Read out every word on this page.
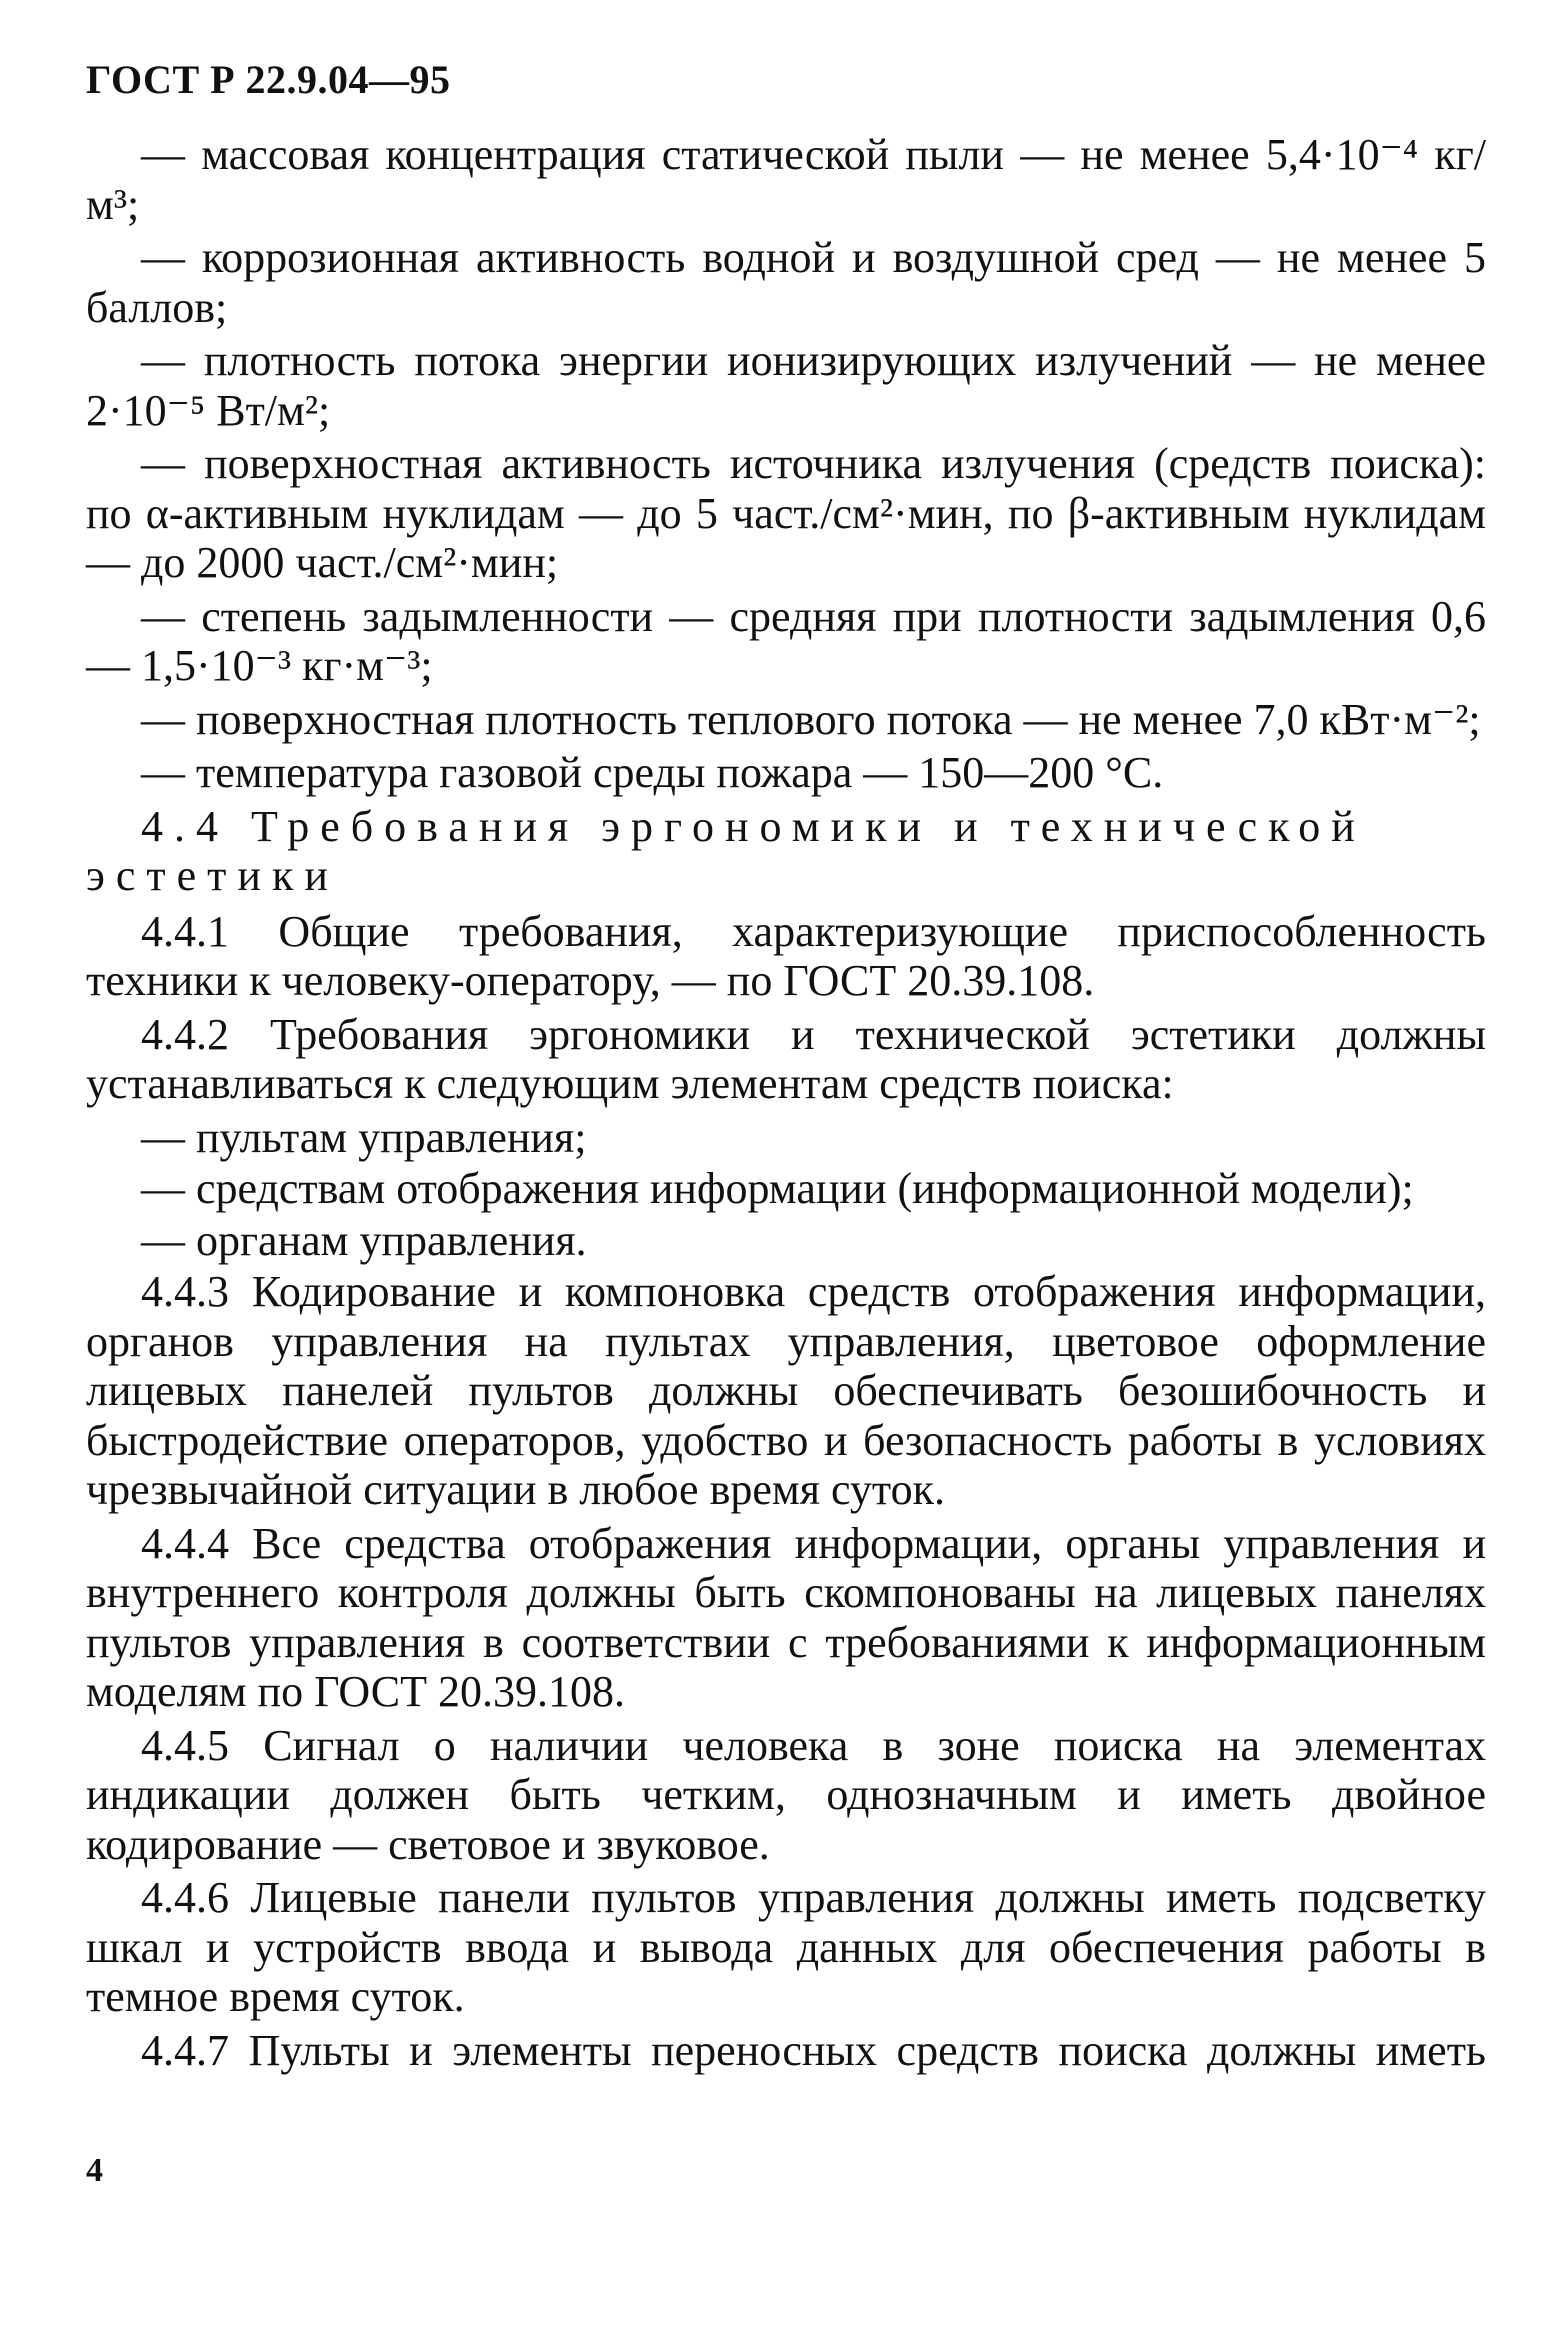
ГОСТ Р 22.9.04—95

— массовая концентрация статической пыли — не менее 5,4·10⁻⁴ кг/м³;

— коррозионная активность водной и воздушной сред — не менее 5 баллов;

— плотность потока энергии ионизирующих излучений — не менее 2·10⁻⁵ Вт/м²;

— поверхностная активность источника излучения (средств поиска): по α-активным нуклидам — до 5 част./см²·мин, по β-активным нуклидам — до 2000 част./см²·мин;

— степень задымленности — средняя при плотности задымления 0,6— 1,5·10⁻³ кг·м⁻³;

— поверхностная плотность теплового потока — не менее 7,0 кВт·м⁻²;

— температура газовой среды пожара — 150—200 °С.

4.4 Требования эргономики и технической эстетики

4.4.1 Общие требования, характеризующие приспособленность техники к человеку-оператору, — по ГОСТ 20.39.108.

4.4.2 Требования эргономики и технической эстетики должны устанавливаться к следующим элементам средств поиска:

— пультам управления;

— средствам отображения информации (информационной модели);

— органам управления.

4.4.3 Кодирование и компоновка средств отображения информации, органов управления на пультах управления, цветовое оформление лицевых панелей пультов должны обеспечивать безошибочность и быстродействие операторов, удобство и безопасность работы в условиях чрезвычайной ситуации в любое время суток.

4.4.4 Все средства отображения информации, органы управления и внутреннего контроля должны быть скомпонованы на лицевых панелях пультов управления в соответствии с требованиями к информационным моделям по ГОСТ 20.39.108.

4.4.5 Сигнал о наличии человека в зоне поиска на элементах индикации должен быть четким, однозначным и иметь двойное кодирование — световое и звуковое.

4.4.6 Лицевые панели пультов управления должны иметь подсветку шкал и устройств ввода и вывода данных для обеспечения работы в темное время суток.

4.4.7 Пульты и элементы переносных средств поиска должны иметь

4
